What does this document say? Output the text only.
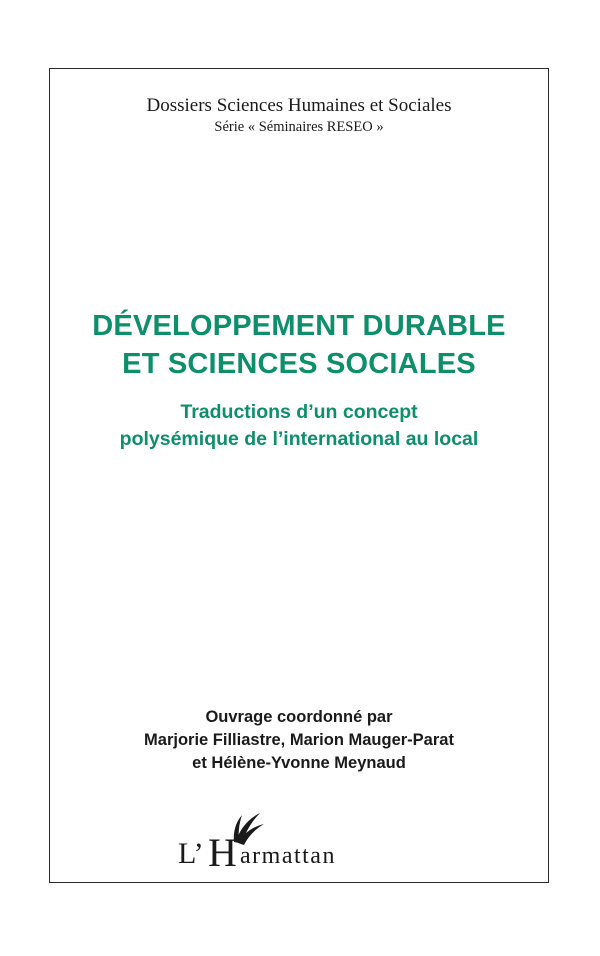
Dossiers Sciences Humaines et Sociales
Série « Séminaires RESEO »
DÉVELOPPEMENT DURABLE
ET SCIENCES SOCIALES
Traductions d’un concept
polysémique de l’international au local
Ouvrage coordonné par
Marjorie Filliastre, Marion Mauger-Parat
et Hélène-Yvonne Meynaud
L’ H armattan
